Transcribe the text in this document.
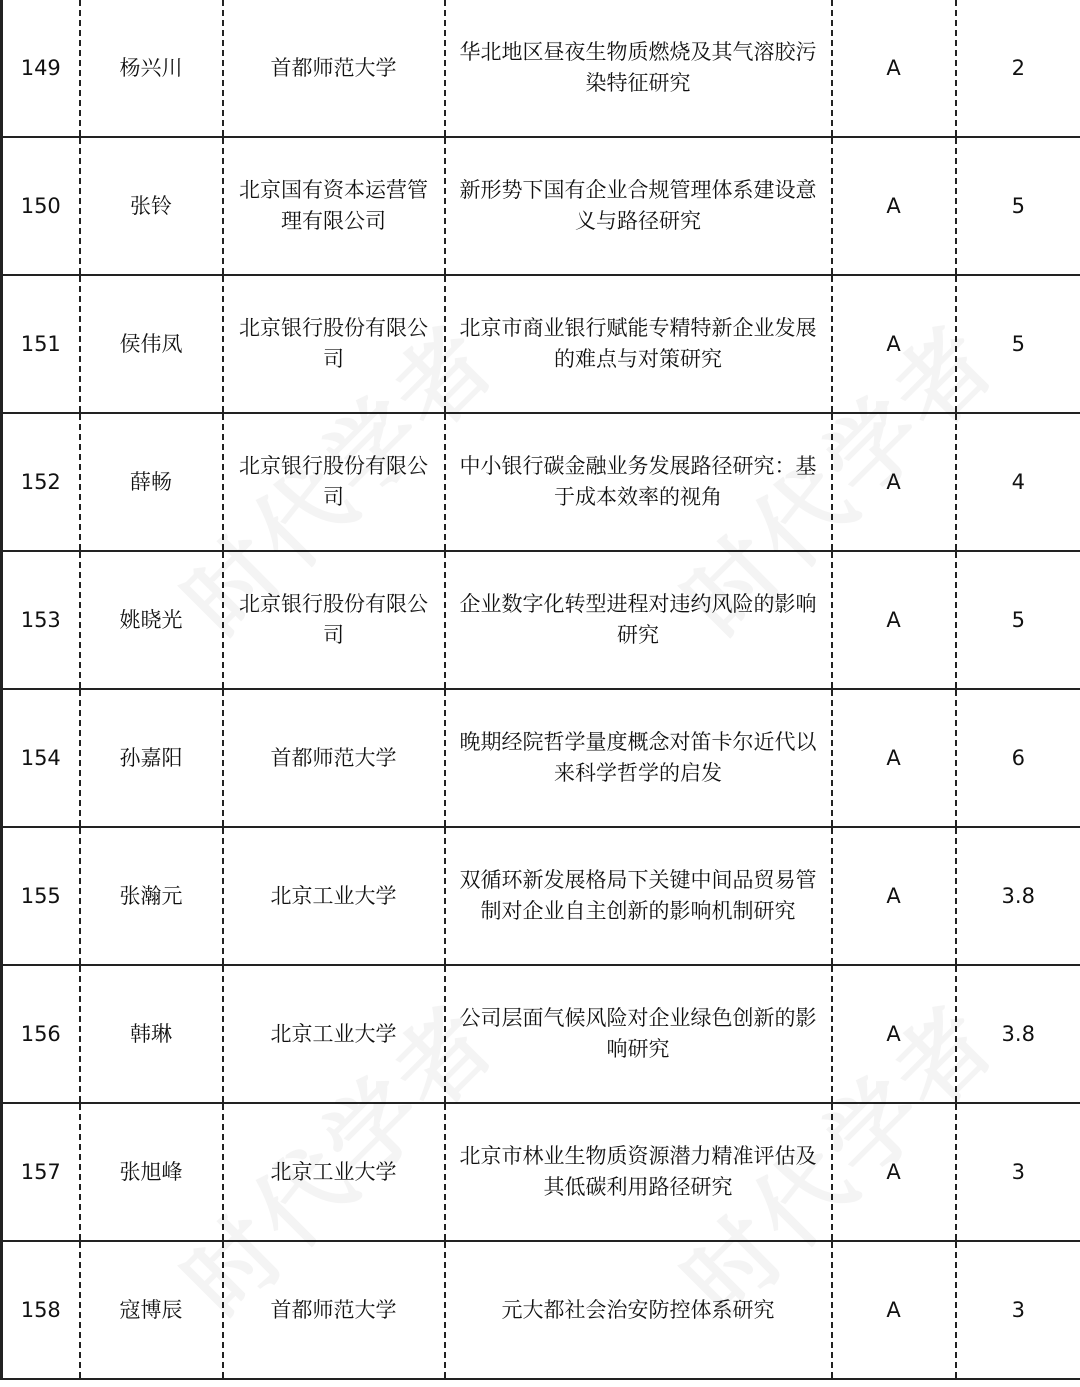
149	杨兴川	首都师范大学	华北地区昼夜生物质燃烧及其气溶胶污染特征研究	A	2
150	张铃	北京国有资本运营管理有限公司	新形势下国有企业合规管理体系建设意义与路径研究	A	5
151	侯伟凤	北京银行股份有限公司	北京市商业银行赋能专精特新企业发展的难点与对策研究	A	5
152	薛畅	北京银行股份有限公司	中小银行碳金融业务发展路径研究：基于成本效率的视角	A	4
153	姚晓光	北京银行股份有限公司	企业数字化转型进程对违约风险的影响研究	A	5
154	孙嘉阳	首都师范大学	晚期经院哲学量度概念对笛卡尔近代以来科学哲学的启发	A	6
155	张瀚元	北京工业大学	双循环新发展格局下关键中间品贸易管制对企业自主创新的影响机制研究	A	3.8
156	韩琳	北京工业大学	公司层面气候风险对企业绿色创新的影响研究	A	3.8
157	张旭峰	北京工业大学	北京市林业生物质资源潜力精准评估及其低碳利用路径研究	A	3
158	寇博辰	首都师范大学	元大都社会治安防控体系研究	A	3
